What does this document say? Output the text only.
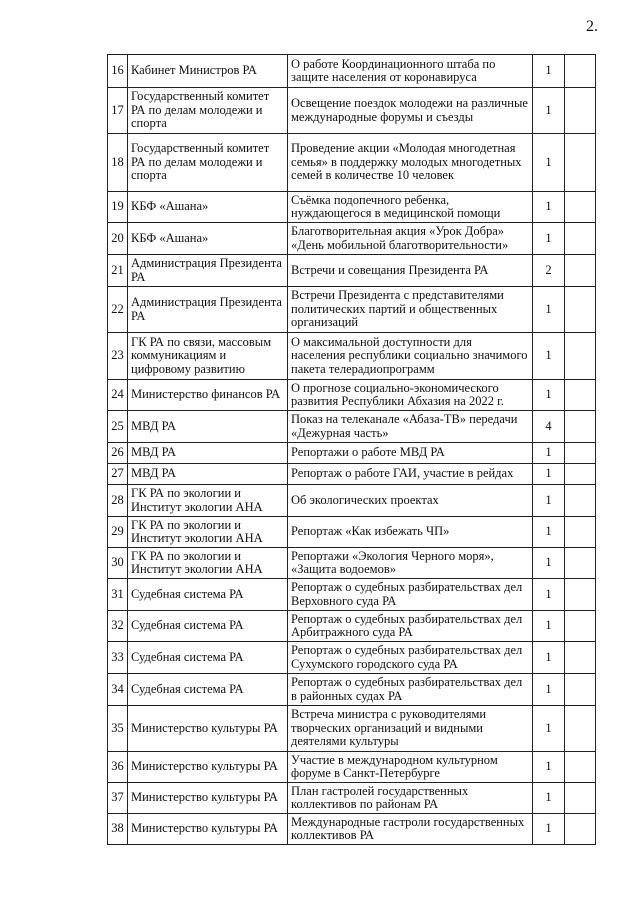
2.
16	Кабинет Министров РА	О работе Координационного штаба по защите населения от коронавируса	1	
17	Государственный комитет РА по делам молодежи и спорта	Освещение поездок молодежи на различные международные форумы и съезды	1	
18	Государственный комитет РА по делам молодежи и спорта	Проведение акции «Молодая многодетная семья» в поддержку молодых многодетных семей в количестве 10 человек	1	
19	КБФ «Ашана»	Съёмка подопечного ребенка, нуждающегося в медицинской помощи	1	
20	КБФ «Ашана»	Благотворительная акция «Урок Добра» «День мобильной благотворительности»	1	
21	Администрация Президента РА	Встречи и совещания Президента РА	2	
22	Администрация Президента РА	Встречи Президента с представителями политических партий и общественных организаций	1	
23	ГК РА по связи, массовым коммуникациям и цифровому развитию	О максимальной доступности для населения республики социально значимого пакета телерадиопрограмм	1	
24	Министерство финансов РА	О прогнозе социально-экономического развития Республики Абхазия на 2022 г.	1	
25	МВД РА	Показ на телеканале «Абаза-ТВ» передачи «Дежурная часть»	4	
26	МВД РА	Репортажи о работе МВД РА	1	
27	МВД РА	Репортаж о работе ГАИ, участие в рейдах	1	
28	ГК РА по экологии и Институт экологии АНА	Об экологических проектах	1	
29	ГК РА по экологии и Институт экологии АНА	Репортаж «Как избежать ЧП»	1	
30	ГК РА по экологии и Институт экологии АНА	Репортажи «Экология Черного моря», «Защита водоемов»	1	
31	Судебная система РА	Репортаж о судебных разбирательствах дел Верховного суда РА	1	
32	Судебная система РА	Репортаж о судебных разбирательствах дел Арбитражного суда РА	1	
33	Судебная система РА	Репортаж о судебных разбирательствах дел Сухумского городского суда РА	1	
34	Судебная система РА	Репортаж о судебных разбирательствах дел в районных судах РА	1	
35	Министерство культуры РА	Встреча министра с руководителями творческих организаций и видными деятелями культуры	1	
36	Министерство культуры РА	Участие в международном культурном форуме в Санкт-Петербурге	1	
37	Министерство культуры РА	План гастролей государственных коллективов по районам РА	1	
38	Министерство культуры РА	Международные гастроли государственных коллективов РА	1	
